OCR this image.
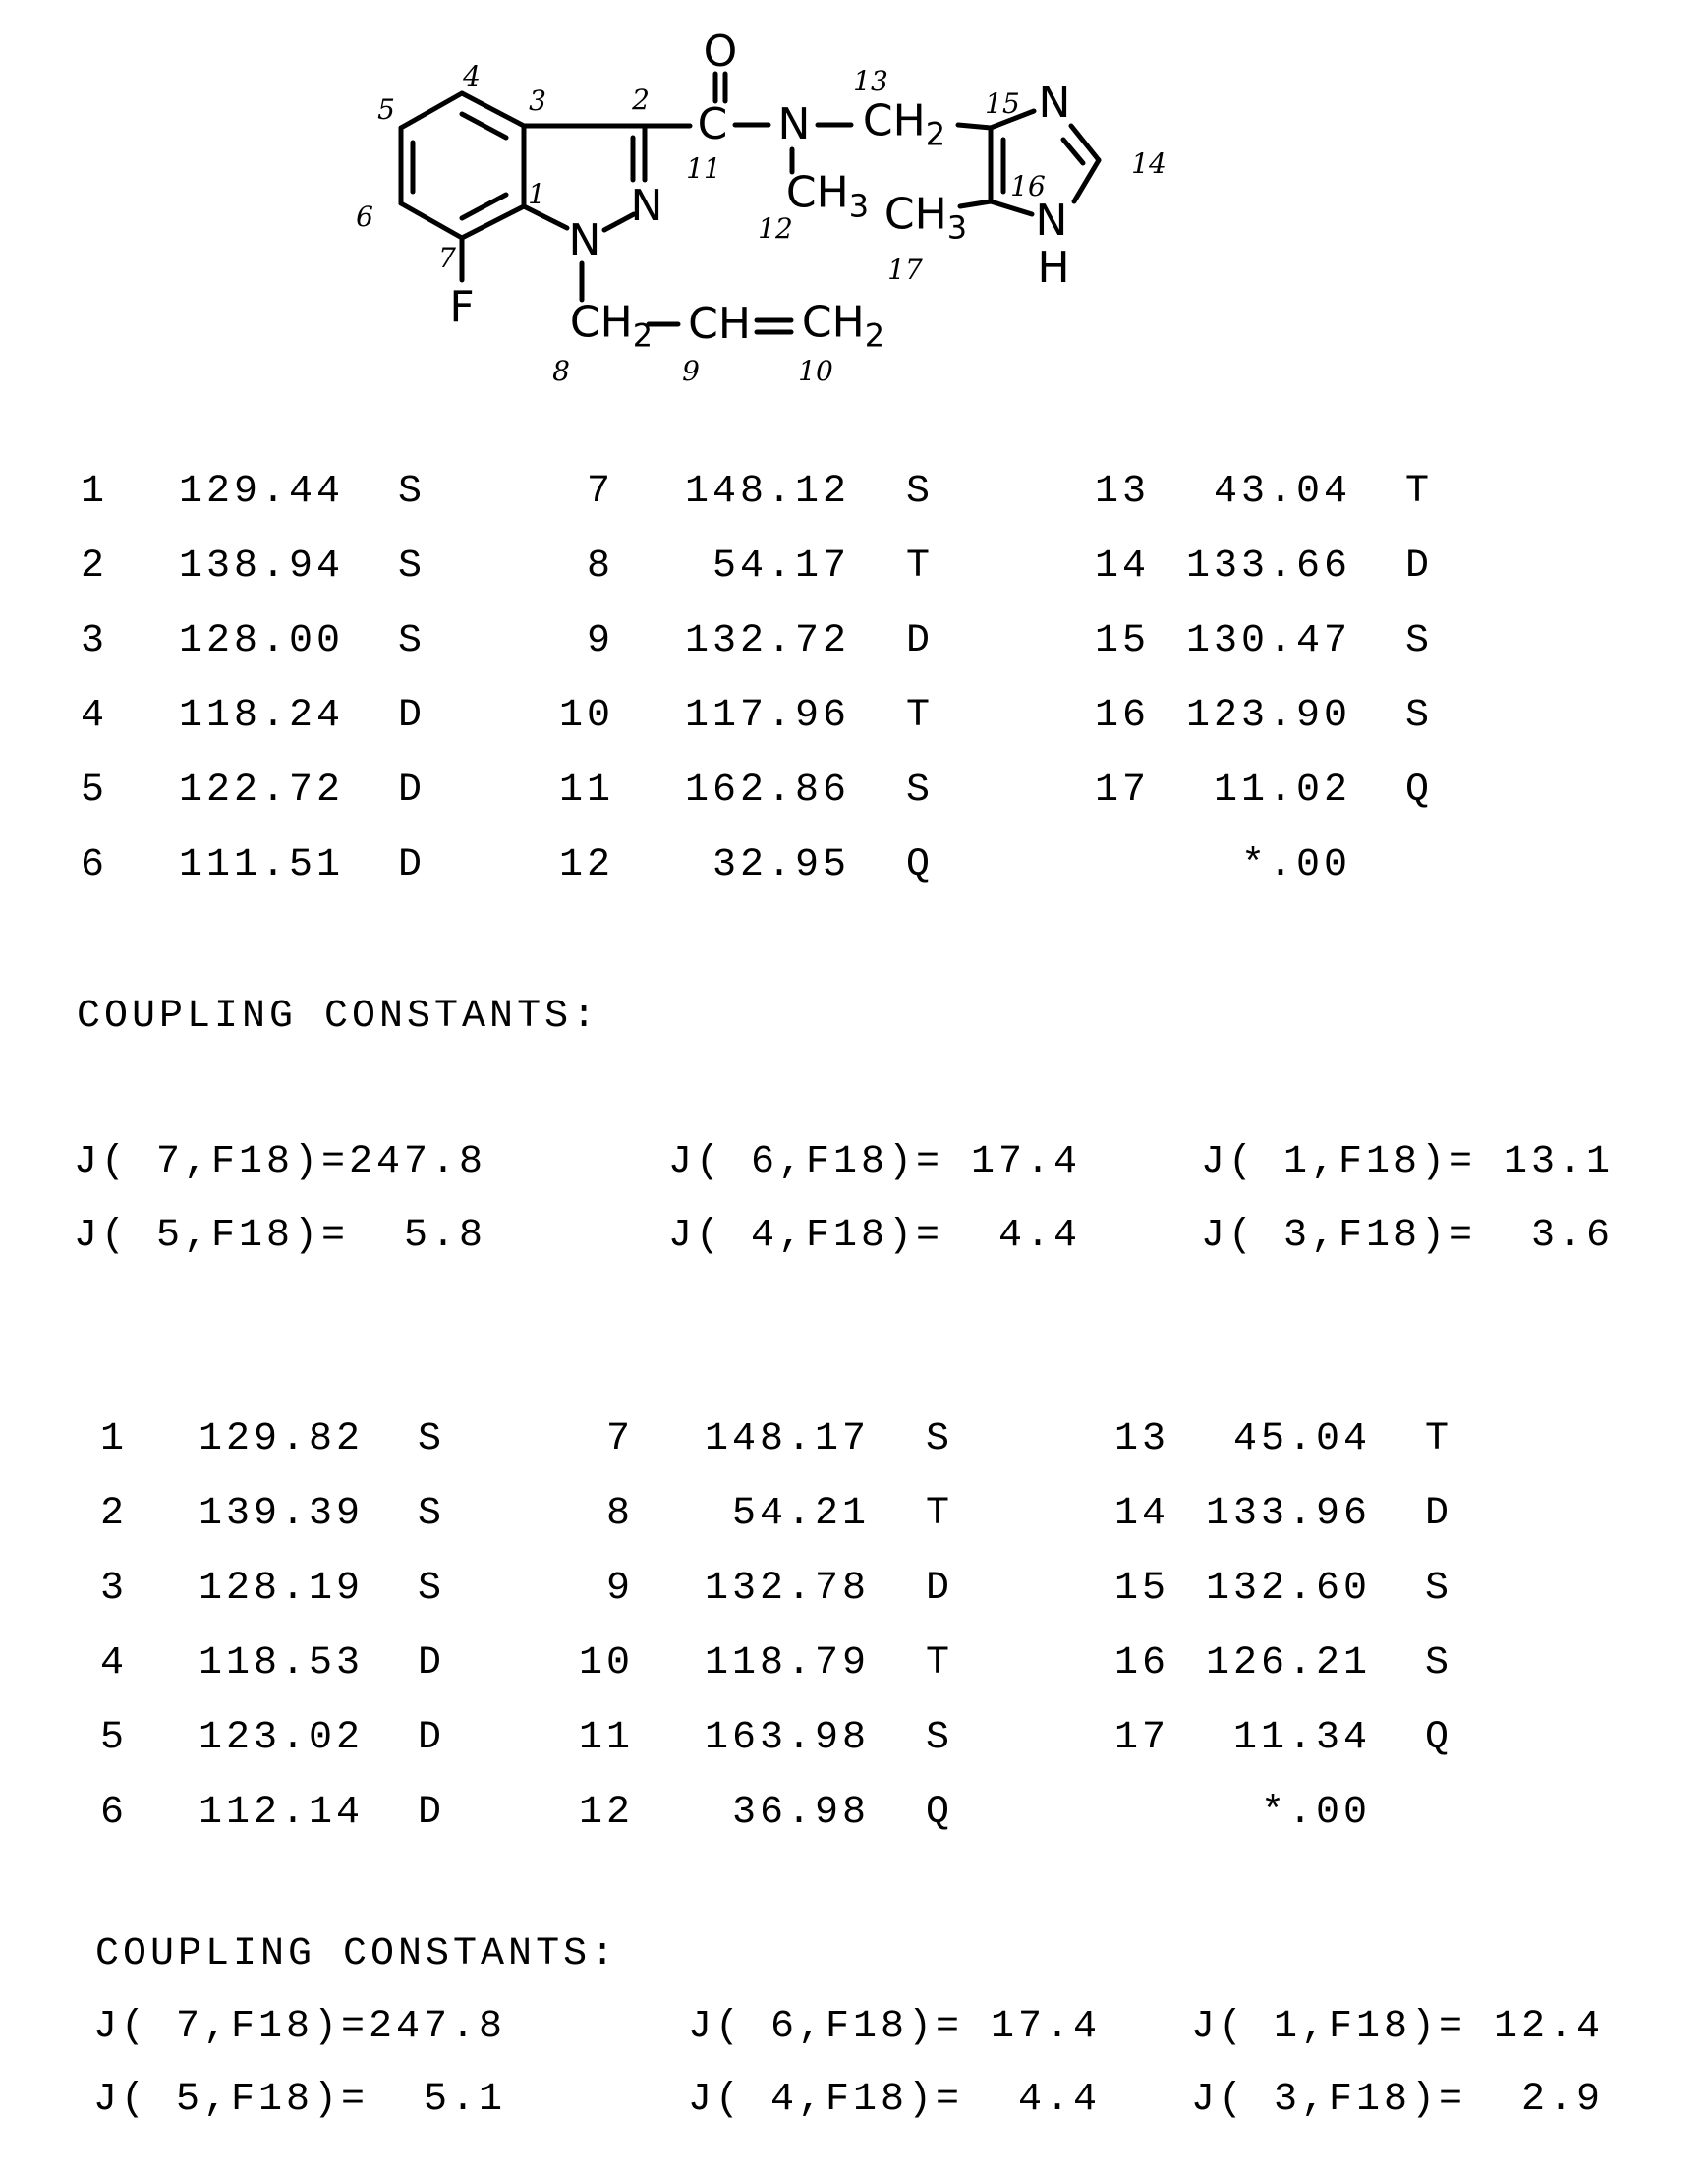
O
C N $CH_2$
$CH_3$
N
N
H
$CH_3$
N
N
F $CH_2$ CH $CH_2$
5
4
3	2
1
6
7
8	9	10
11
12
13
14
15
16
17
1	129.44 S	7	148.12 S	13	43.04 T
2	138.94 S	8	54.17 T	14 133.66 D
3	128.00 S	9	132.72 D	15 130.47 S
4	118.24 D	10	117.96 T	16 123.90 S
5	122.72 D	11	162.86 S	17	11.02 Q
6	111.51 D	12	32.95 Q	*.00
COUPLING CONSTANTS:
J( 7,F18)=247.8	J( 6,F18)= 17.4	J( 1,F18)= 13.1
J( 5,F18)=  5.8	J( 4,F18)=  4.4	J( 3,F18)=  3.6
1	129.82 S	7	148.17 S	13	45.04 T
2	139.39 S	8	54.21 T	14 133.96 D
3	128.19 S	9	132.78 D	15 132.60 S
4	118.53 D	10	118.79 T	16 126.21 S
5	123.02 D	11	163.98 S	17	11.34 Q
6	112.14 D	12	36.98 Q	*.00
COUPLING CONSTANTS:
J( 7,F18)=247.8	J( 6,F18)= 17.4 J( 1,F18)= 12.4
J( 5,F18)=  5.1	J( 4,F18)=  4.4 J( 3,F18)=  2.9
